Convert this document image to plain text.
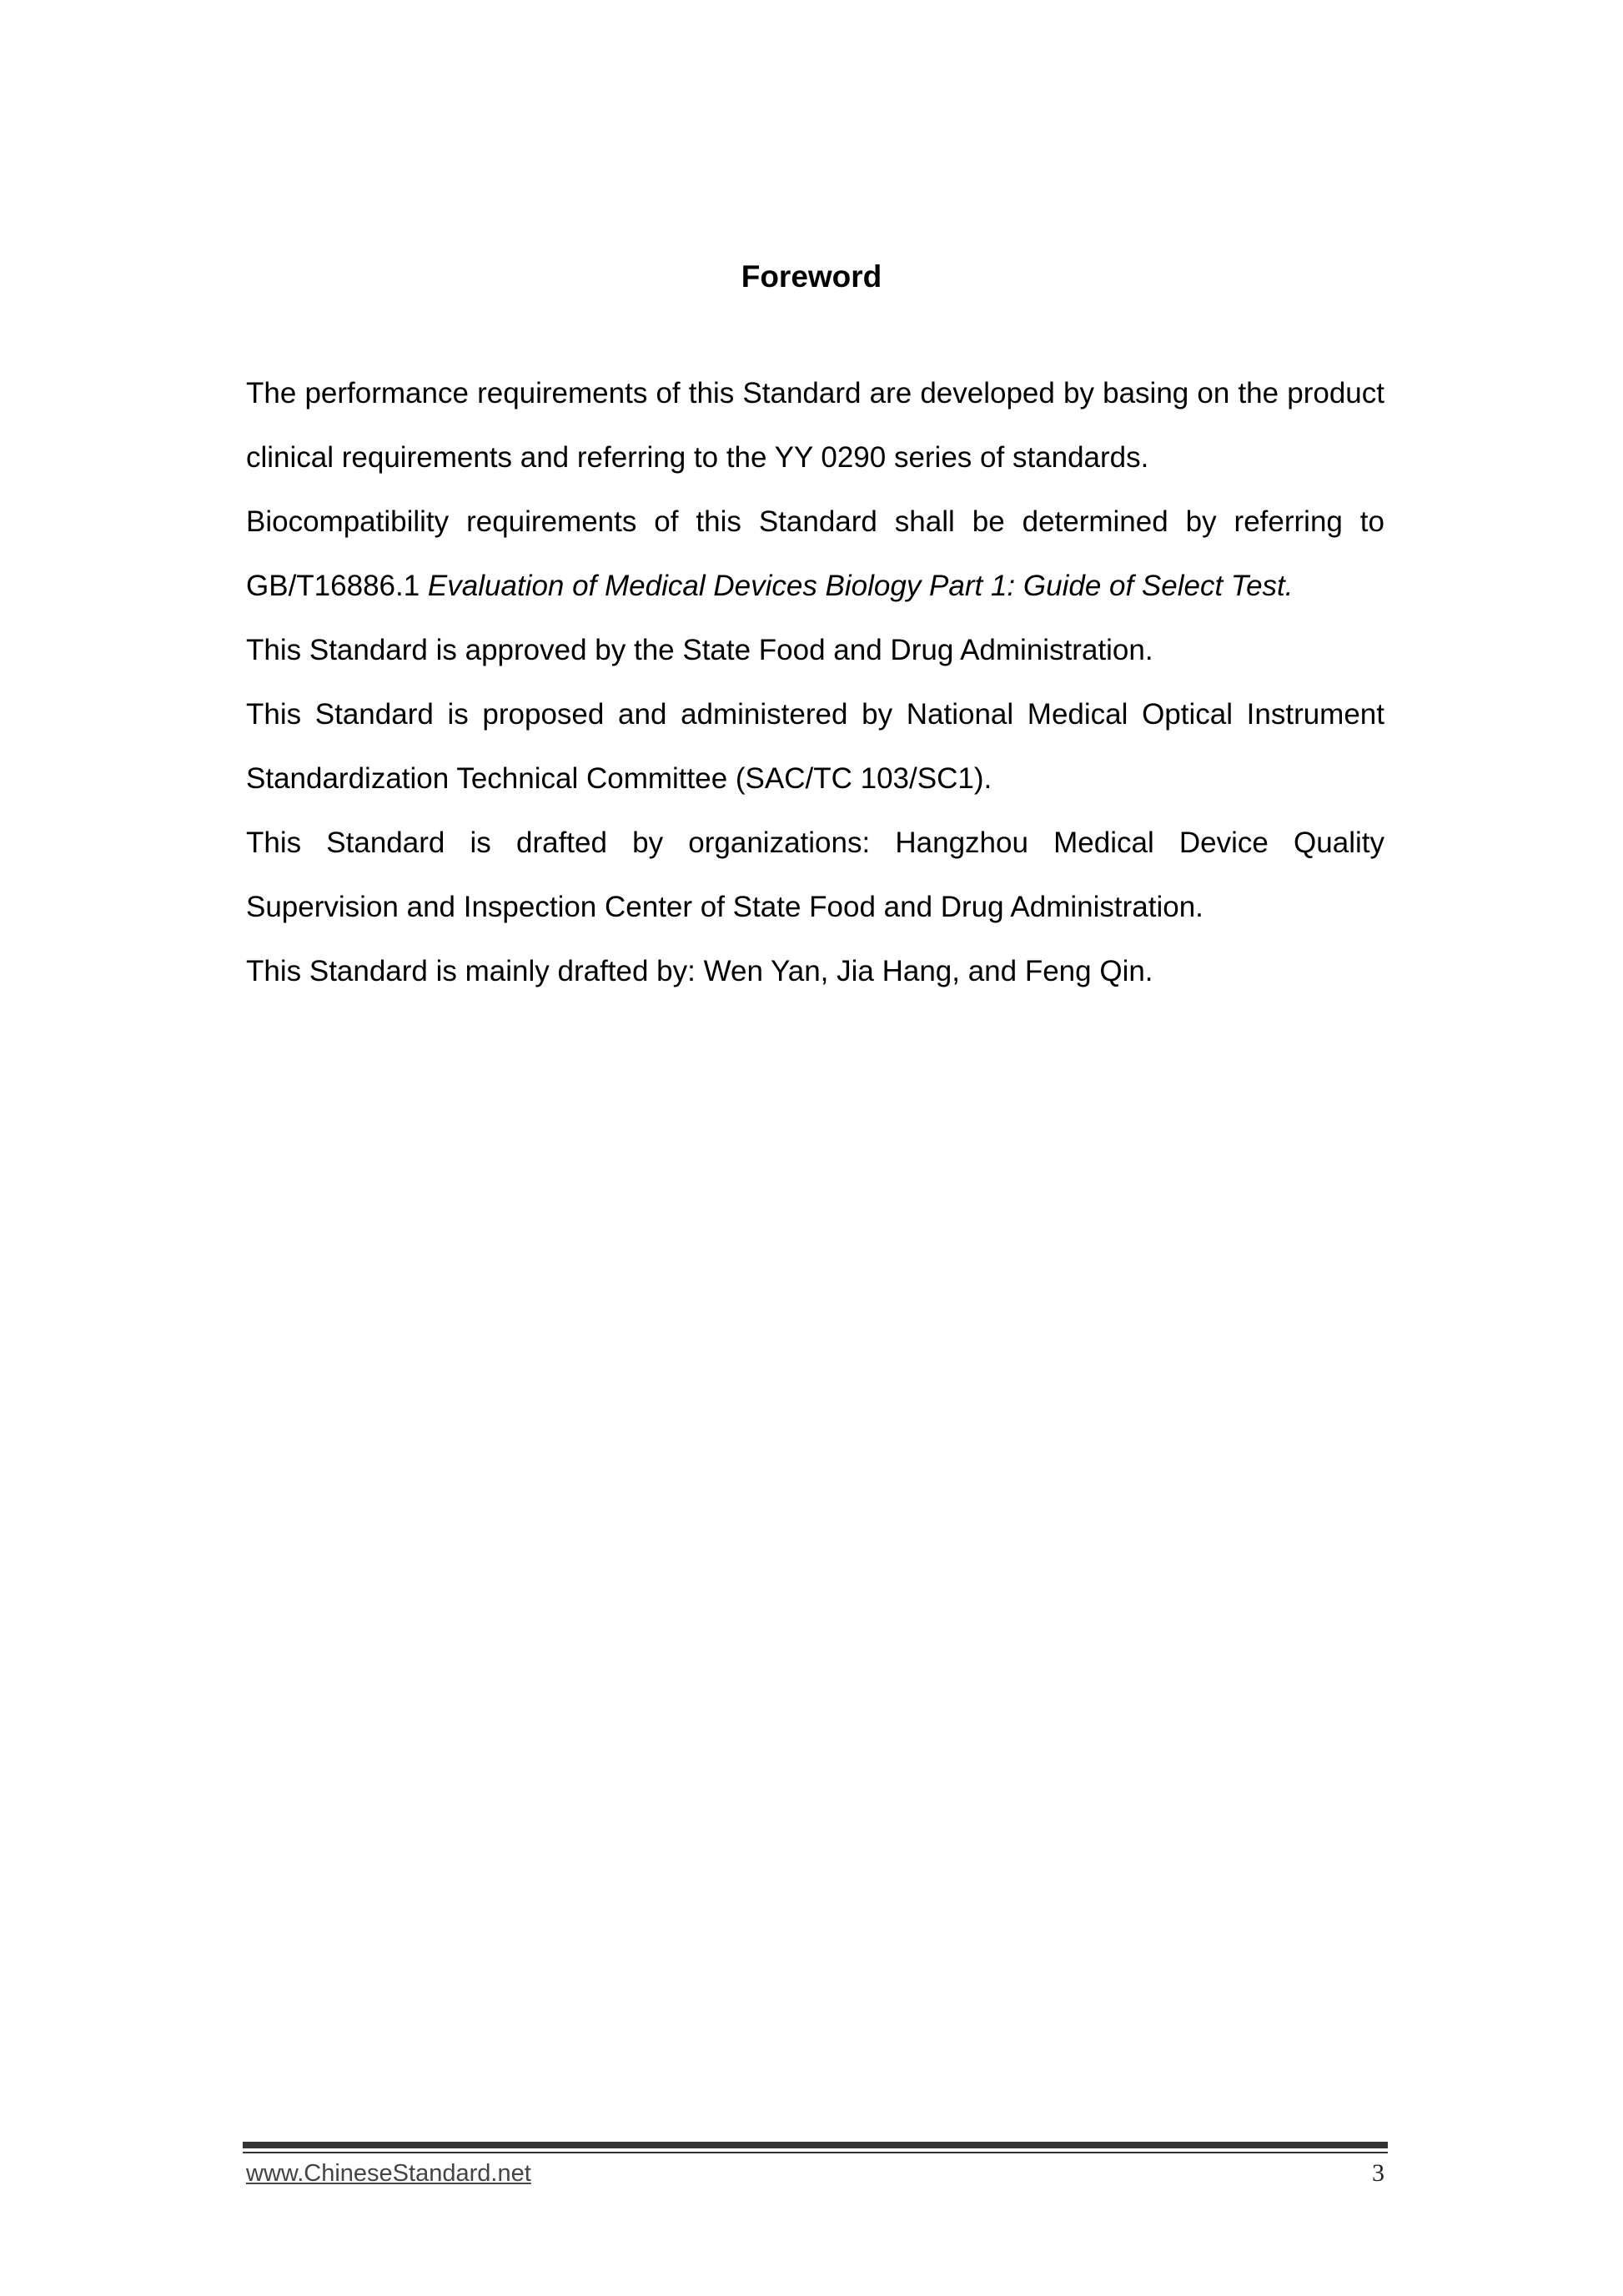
Foreword

The performance requirements of this Standard are developed by basing on the product clinical requirements and referring to the YY 0290 series of standards.

Biocompatibility requirements of this Standard shall be determined by referring to GB/T16886.1 Evaluation of Medical Devices Biology Part 1: Guide of Select Test.

This Standard is approved by the State Food and Drug Administration.

This Standard is proposed and administered by National Medical Optical Instrument Standardization Technical Committee (SAC/TC 103/SC1).

This Standard is drafted by organizations: Hangzhou Medical Device Quality Supervision and Inspection Center of State Food and Drug Administration.

This Standard is mainly drafted by: Wen Yan, Jia Hang, and Feng Qin.

www.ChineseStandard.net	3
